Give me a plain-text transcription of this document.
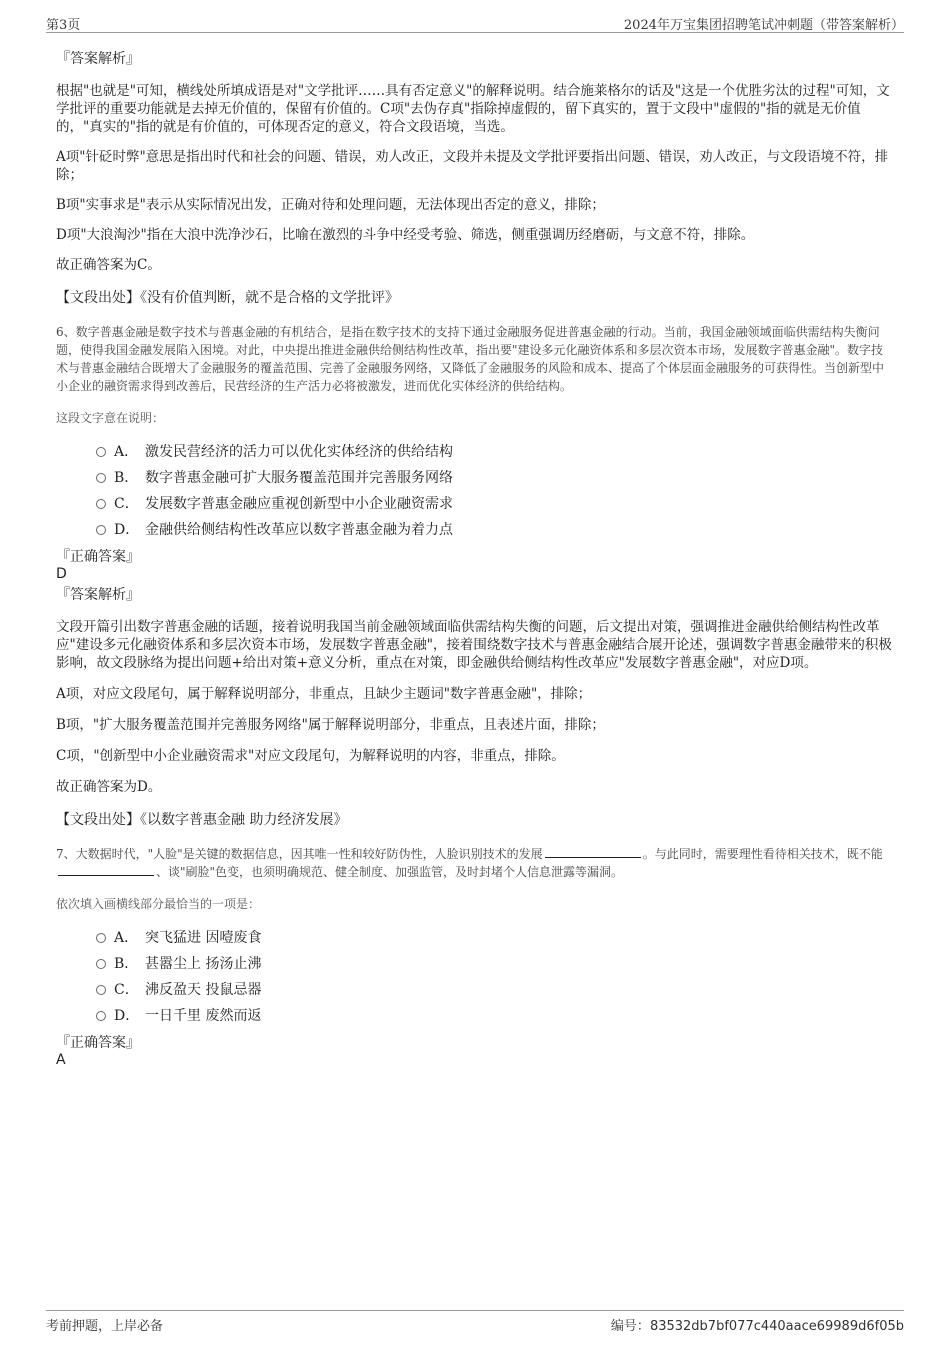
第3页	2024年万宝集团招聘笔试冲刺题（带答案解析）

『答案解析』

根据"也就是"可知，横线处所填成语是对"文学批评……具有否定意义"的解释说明。结合施莱格尔的话及"这是一个优胜劣汰的过程"可知，文学批评的重要功能就是去掉无价值的，保留有价值的。C项"去伪存真"指除掉虚假的，留下真实的，置于文段中"虚假的"指的就是无价值的，"真实的"指的就是有价值的，可体现否定的意义，符合文段语境，当选。

A项"针砭时弊"意思是指出时代和社会的问题、错误，劝人改正，文段并未提及文学批评要指出问题、错误，劝人改正，与文段语境不符，排除；

B项"实事求是"表示从实际情况出发，正确对待和处理问题，无法体现出否定的意义，排除；

D项"大浪淘沙"指在大浪中洗净沙石，比喻在激烈的斗争中经受考验、筛选，侧重强调历经磨砺，与文意不符，排除。

故正确答案为C。

【文段出处】《没有价值判断，就不是合格的文学批评》

6、数字普惠金融是数字技术与普惠金融的有机结合，是指在数字技术的支持下通过金融服务促进普惠金融的行动。当前，我国金融领域面临供需结构失衡问题，使得我国金融发展陷入困境。对此，中央提出推进金融供给侧结构性改革，指出要"建设多元化融资体系和多层次资本市场，发展数字普惠金融"。数字技术与普惠金融结合既增大了金融服务的覆盖范围、完善了金融服务网络，又降低了金融服务的风险和成本、提高了个体层面金融服务的可获得性。当创新型中小企业的融资需求得到改善后，民营经济的生产活力必将被激发，进而优化实体经济的供给结构。

这段文字意在说明：

A． 激发民营经济的活力可以优化实体经济的供给结构
B． 数字普惠金融可扩大服务覆盖范围并完善服务网络
C． 发展数字普惠金融应重视创新型中小企业融资需求
D． 金融供给侧结构性改革应以数字普惠金融为着力点

『正确答案』

D

『答案解析』

文段开篇引出数字普惠金融的话题，接着说明我国当前金融领域面临供需结构失衡的问题，后文提出对策，强调推进金融供给侧结构性改革应"建设多元化融资体系和多层次资本市场，发展数字普惠金融"，接着围绕数字技术与普惠金融结合展开论述，强调数字普惠金融带来的积极影响，故文段脉络为提出问题+给出对策+意义分析，重点在对策，即金融供给侧结构性改革应"发展数字普惠金融"，对应D项。

A项，对应文段尾句，属于解释说明部分，非重点，且缺少主题词"数字普惠金融"，排除；

B项，"扩大服务覆盖范围并完善服务网络"属于解释说明部分，非重点，且表述片面，排除；

C项，"创新型中小企业融资需求"对应文段尾句，为解释说明的内容，非重点，排除。

故正确答案为D。

【文段出处】《以数字普惠金融 助力经济发展》

7、大数据时代，"人脸"是关键的数据信息，因其唯一性和较好防伪性，人脸识别技术的发展	。与此同时，需要理性看待相关技术，既不能、谈"刷脸"色变，也须明确规范、健全制度、加强监管，及时封堵个人信息泄露等漏洞。

依次填入画横线部分最恰当的一项是：

A． 突飞猛进 因噎废食
B． 甚嚣尘上 扬汤止沸
C． 沸反盈天 投鼠忌器
D． 一日千里 废然而返

『正确答案』

A

考前押题，上岸必备	编号：83532db7bf077c440aace69989d6f05b
